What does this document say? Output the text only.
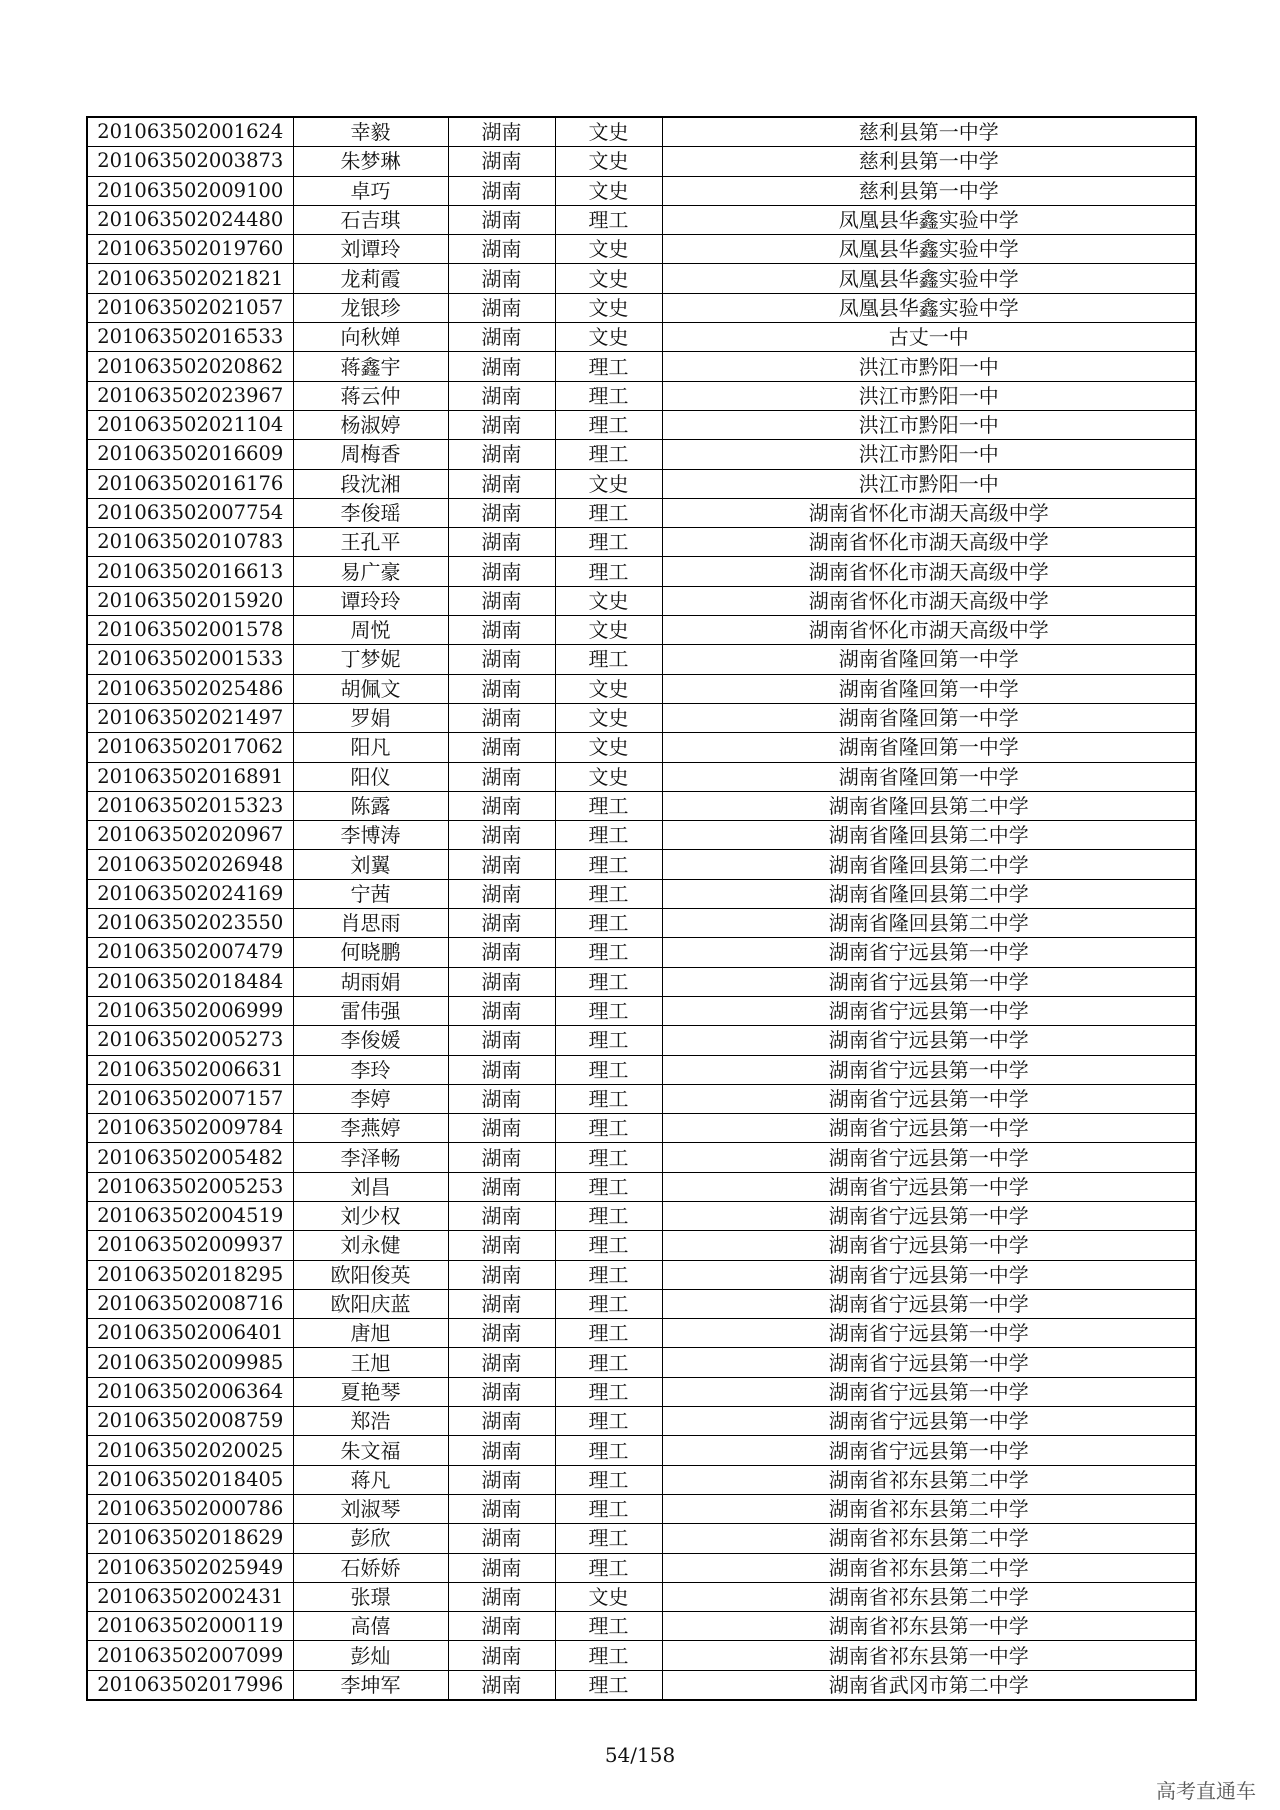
201063502001624	幸毅	湖南	文史	慈利县第一中学
201063502003873	朱梦琳	湖南	文史	慈利县第一中学
201063502009100	卓巧	湖南	文史	慈利县第一中学
201063502024480	石吉琪	湖南	理工	凤凰县华鑫实验中学
201063502019760	刘谭玲	湖南	文史	凤凰县华鑫实验中学
201063502021821	龙莉霞	湖南	文史	凤凰县华鑫实验中学
201063502021057	龙银珍	湖南	文史	凤凰县华鑫实验中学
201063502016533	向秋婵	湖南	文史	古丈一中
201063502020862	蒋鑫宇	湖南	理工	洪江市黔阳一中
201063502023967	蒋云仲	湖南	理工	洪江市黔阳一中
201063502021104	杨淑婷	湖南	理工	洪江市黔阳一中
201063502016609	周梅香	湖南	理工	洪江市黔阳一中
201063502016176	段沈湘	湖南	文史	洪江市黔阳一中
201063502007754	李俊瑶	湖南	理工	湖南省怀化市湖天高级中学
201063502010783	王孔平	湖南	理工	湖南省怀化市湖天高级中学
201063502016613	易广豪	湖南	理工	湖南省怀化市湖天高级中学
201063502015920	谭玲玲	湖南	文史	湖南省怀化市湖天高级中学
201063502001578	周悦	湖南	文史	湖南省怀化市湖天高级中学
201063502001533	丁梦妮	湖南	理工	湖南省隆回第一中学
201063502025486	胡佩文	湖南	文史	湖南省隆回第一中学
201063502021497	罗娟	湖南	文史	湖南省隆回第一中学
201063502017062	阳凡	湖南	文史	湖南省隆回第一中学
201063502016891	阳仪	湖南	文史	湖南省隆回第一中学
201063502015323	陈露	湖南	理工	湖南省隆回县第二中学
201063502020967	李博涛	湖南	理工	湖南省隆回县第二中学
201063502026948	刘翼	湖南	理工	湖南省隆回县第二中学
201063502024169	宁茜	湖南	理工	湖南省隆回县第二中学
201063502023550	肖思雨	湖南	理工	湖南省隆回县第二中学
201063502007479	何晓鹏	湖南	理工	湖南省宁远县第一中学
201063502018484	胡雨娟	湖南	理工	湖南省宁远县第一中学
201063502006999	雷伟强	湖南	理工	湖南省宁远县第一中学
201063502005273	李俊媛	湖南	理工	湖南省宁远县第一中学
201063502006631	李玲	湖南	理工	湖南省宁远县第一中学
201063502007157	李婷	湖南	理工	湖南省宁远县第一中学
201063502009784	李燕婷	湖南	理工	湖南省宁远县第一中学
201063502005482	李泽畅	湖南	理工	湖南省宁远县第一中学
201063502005253	刘昌	湖南	理工	湖南省宁远县第一中学
201063502004519	刘少权	湖南	理工	湖南省宁远县第一中学
201063502009937	刘永健	湖南	理工	湖南省宁远县第一中学
201063502018295	欧阳俊英	湖南	理工	湖南省宁远县第一中学
201063502008716	欧阳庆蓝	湖南	理工	湖南省宁远县第一中学
201063502006401	唐旭	湖南	理工	湖南省宁远县第一中学
201063502009985	王旭	湖南	理工	湖南省宁远县第一中学
201063502006364	夏艳琴	湖南	理工	湖南省宁远县第一中学
201063502008759	郑浩	湖南	理工	湖南省宁远县第一中学
201063502020025	朱文福	湖南	理工	湖南省宁远县第一中学
201063502018405	蒋凡	湖南	理工	湖南省祁东县第二中学
201063502000786	刘淑琴	湖南	理工	湖南省祁东县第二中学
201063502018629	彭欣	湖南	理工	湖南省祁东县第二中学
201063502025949	石娇娇	湖南	理工	湖南省祁东县第二中学
201063502002431	张璟	湖南	文史	湖南省祁东县第二中学
201063502000119	高僖	湖南	理工	湖南省祁东县第一中学
201063502007099	彭灿	湖南	理工	湖南省祁东县第一中学
201063502017996	李坤军	湖南	理工	湖南省武冈市第二中学
54/158
高考直通车
